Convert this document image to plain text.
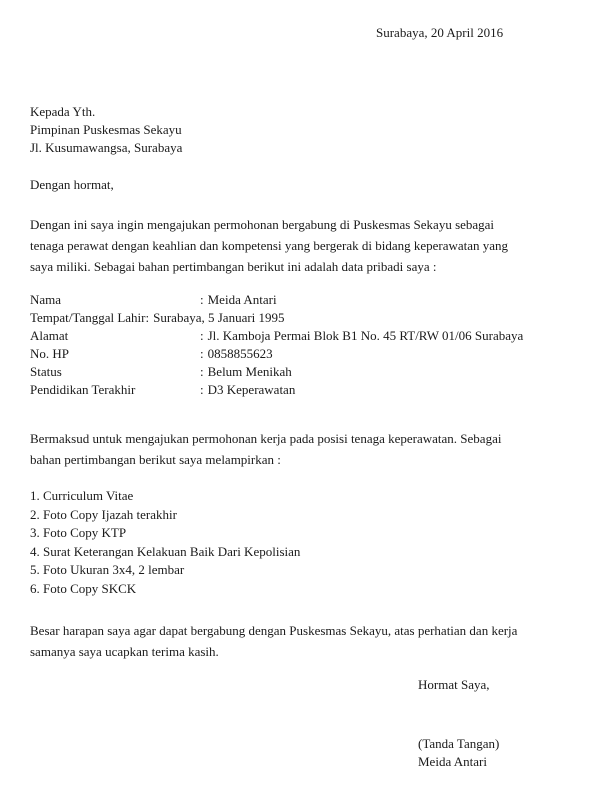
Surabaya, 20 April 2016
Kepada Yth.
Pimpinan Puskesmas Sekayu
Jl. Kusumawangsa, Surabaya
Dengan hormat,
Dengan ini saya ingin mengajukan permohonan bergabung di Puskesmas Sekayu sebagai
tenaga perawat dengan keahlian dan kompetensi yang bergerak di bidang keperawatan yang
saya miliki. Sebagai bahan pertimbangan berikut ini adalah data pribadi saya :
Nama	: Meida Antari
Tempat/Tanggal Lahir : Surabaya, 5 Januari 1995
Alamat	: Jl. Kamboja Permai Blok B1 No. 45 RT/RW 01/06 Surabaya
No. HP	: 0858855623
Status	: Belum Menikah
Pendidikan Terakhir	: D3 Keperawatan
Bermaksud untuk mengajukan permohonan kerja pada posisi tenaga keperawatan. Sebagai
bahan pertimbangan berikut saya melampirkan :
1. Curriculum Vitae
2. Foto Copy Ijazah terakhir
3. Foto Copy KTP
4. Surat Keterangan Kelakuan Baik Dari Kepolisian
5. Foto Ukuran 3x4, 2 lembar
6. Foto Copy SKCK
Besar harapan saya agar dapat bergabung dengan Puskesmas Sekayu, atas perhatian dan kerja
samanya saya ucapkan terima kasih.
Hormat Saya,
(Tanda Tangan)
Meida Antari
